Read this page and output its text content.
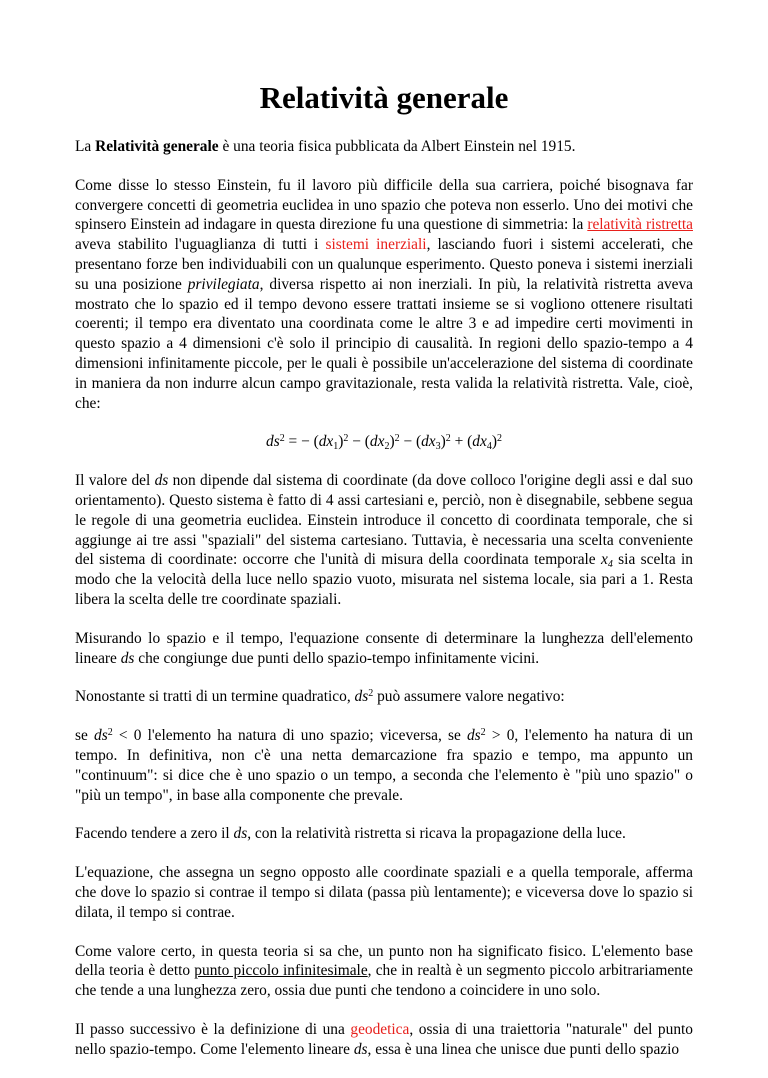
Relatività generale

La Relatività generale è una teoria fisica pubblicata da Albert Einstein nel 1915.

Come disse lo stesso Einstein, fu il lavoro più difficile della sua carriera, poiché bisognava far convergere concetti di geometria euclidea in uno spazio che poteva non esserlo. Uno dei motivi che spinsero Einstein ad indagare in questa direzione fu una questione di simmetria: la relatività ristretta aveva stabilito l'uguaglianza di tutti i sistemi inerziali, lasciando fuori i sistemi accelerati, che presentano forze ben individuabili con un qualunque esperimento. Questo poneva i sistemi inerziali su una posizione privilegiata, diversa rispetto ai non inerziali. In più, la relatività ristretta aveva mostrato che lo spazio ed il tempo devono essere trattati insieme se si vogliono ottenere risultati coerenti; il tempo era diventato una coordinata come le altre 3 e ad impedire certi movimenti in questo spazio a 4 dimensioni c'è solo il principio di causalità. In regioni dello spazio-tempo a 4 dimensioni infinitamente piccole, per le quali è possibile un'accelerazione del sistema di coordinate in maniera da non indurre alcun campo gravitazionale, resta valida la relatività ristretta. Vale, cioè, che:

$ds^2$ = − $(dx_1)^2 - (dx_2)^2 - (dx_3)^2 + (dx_4)^2$

Il valore del ds non dipende dal sistema di coordinate (da dove colloco l'origine degli assi e dal suo orientamento). Questo sistema è fatto di 4 assi cartesiani e, perciò, non è disegnabile, sebbene segua le regole di una geometria euclidea. Einstein introduce il concetto di coordinata temporale, che si aggiunge ai tre assi "spaziali" del sistema cartesiano. Tuttavia, è necessaria una scelta conveniente del sistema di coordinate: occorre che l'unità di misura della coordinata temporale $x_4$ sia scelta in modo che la velocità della luce nello spazio vuoto, misurata nel sistema locale, sia pari a 1. Resta libera la scelta delle tre coordinate spaziali.

Misurando lo spazio e il tempo, l'equazione consente di determinare la lunghezza dell'elemento lineare ds che congiunge due punti dello spazio-tempo infinitamente vicini.

Nonostante si tratti di un termine quadratico, $ds^2$ può assumere valore negativo:

se $ds^2 < 0$ l'elemento ha natura di uno spazio; viceversa, se $ds^2 > 0$, l'elemento ha natura di un tempo. In definitiva, non c'è una netta demarcazione fra spazio e tempo, ma appunto un "continuum": si dice che è uno spazio o un tempo, a seconda che l'elemento è "più uno spazio" o "più un tempo", in base alla componente che prevale.

Facendo tendere a zero il ds, con la relatività ristretta si ricava la propagazione della luce.

L'equazione, che assegna un segno opposto alle coordinate spaziali e a quella temporale, afferma che dove lo spazio si contrae il tempo si dilata (passa più lentamente); e viceversa dove lo spazio si dilata, il tempo si contrae.

Come valore certo, in questa teoria si sa che, un punto non ha significato fisico. L'elemento base della teoria è detto punto piccolo infinitesimale, che in realtà è un segmento piccolo arbitrariamente che tende a una lunghezza zero, ossia due punti che tendono a coincidere in uno solo.

Il passo successivo è la definizione di una geodetica, ossia di una traiettoria "naturale" del punto nello spazio-tempo. Come l'elemento lineare ds, essa è una linea che unisce due punti dello spazio
